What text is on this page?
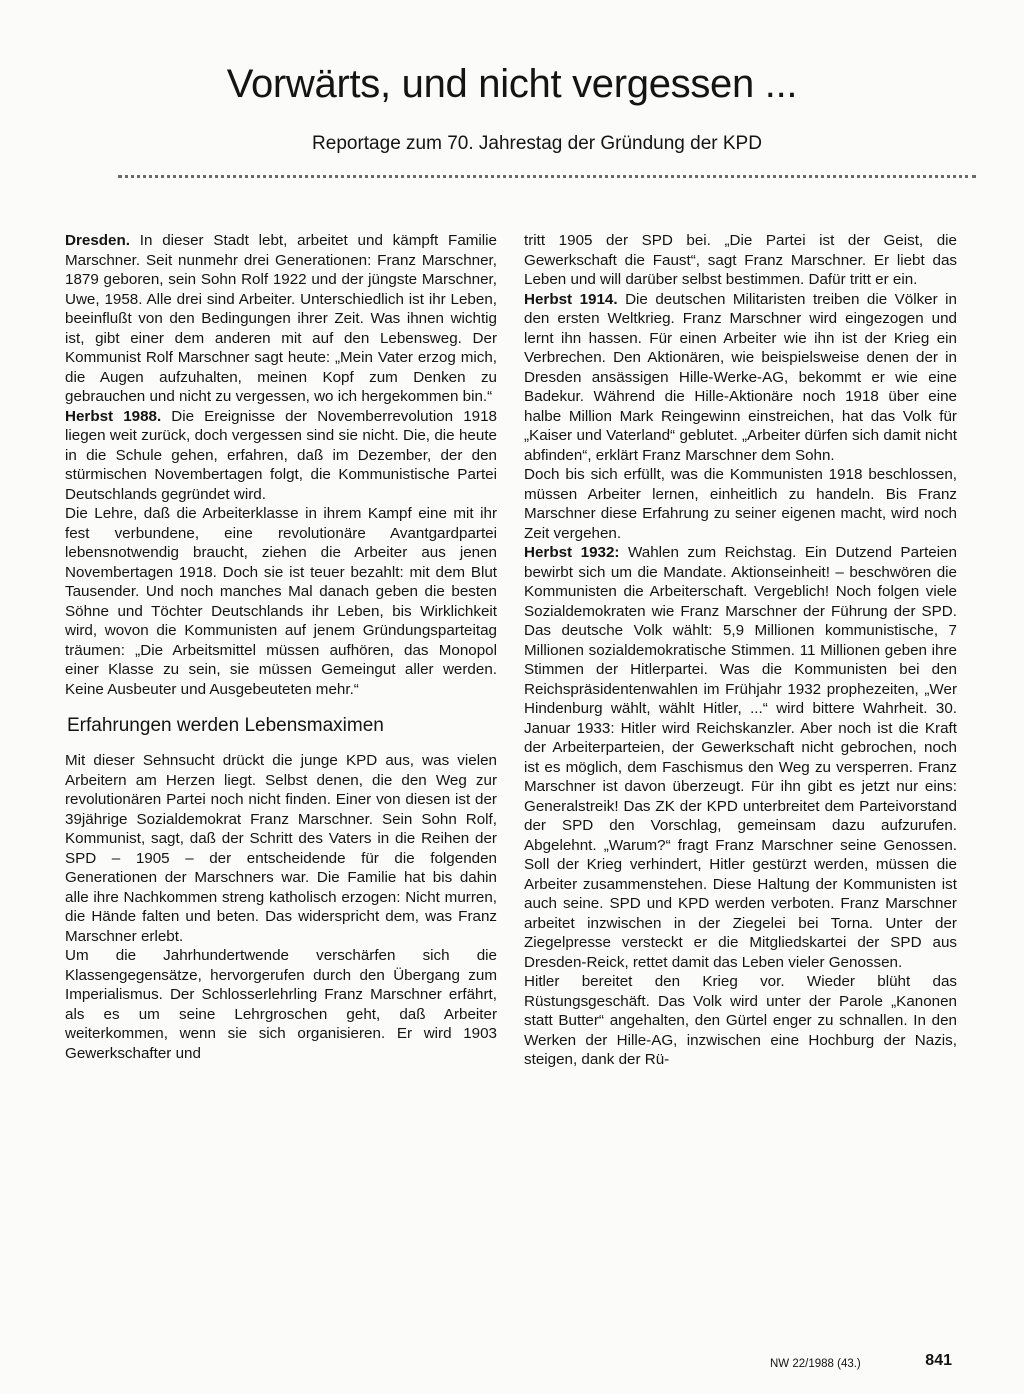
Vorwärts, und nicht vergessen ...

Reportage zum 70. Jahrestag der Gründung der KPD

Dresden. In dieser Stadt lebt, arbeitet und kämpft Familie Marschner. Seit nunmehr drei Generationen: Franz Marschner, 1879 geboren, sein Sohn Rolf 1922 und der jüngste Marschner, Uwe, 1958. Alle drei sind Arbeiter. Unterschiedlich ist ihr Leben, beeinflußt von den Bedingungen ihrer Zeit. Was ihnen wichtig ist, gibt einer dem anderen mit auf den Lebensweg. Der Kommunist Rolf Marschner sagt heute: „Mein Vater erzog mich, die Augen aufzuhalten, meinen Kopf zum Denken zu gebrauchen und nicht zu vergessen, wo ich hergekommen bin.“

Herbst 1988. Die Ereignisse der Novemberrevolution 1918 liegen weit zurück, doch vergessen sind sie nicht. Die, die heute in die Schule gehen, erfahren, daß im Dezember, der den stürmischen Novembertagen folgt, die Kommunistische Partei Deutschlands gegründet wird.

Die Lehre, daß die Arbeiterklasse in ihrem Kampf eine mit ihr fest verbundene, eine revolutionäre Avantgardpartei lebensnotwendig braucht, ziehen die Arbeiter aus jenen Novembertagen 1918. Doch sie ist teuer bezahlt: mit dem Blut Tausender. Und noch manches Mal danach geben die besten Söhne und Töchter Deutschlands ihr Leben, bis Wirklichkeit wird, wovon die Kommunisten auf jenem Gründungsparteitag träumen: „Die Arbeitsmittel müssen aufhören, das Monopol einer Klasse zu sein, sie müssen Gemeingut aller werden. Keine Ausbeuter und Ausgebeuteten mehr.“

Erfahrungen werden Lebensmaximen

Mit dieser Sehnsucht drückt die junge KPD aus, was vielen Arbeitern am Herzen liegt. Selbst denen, die den Weg zur revolutionären Partei noch nicht finden. Einer von diesen ist der 39jährige Sozialdemokrat Franz Marschner. Sein Sohn Rolf, Kommunist, sagt, daß der Schritt des Vaters in die Reihen der SPD – 1905 – der entscheidende für die folgenden Generationen der Marschners war. Die Familie hat bis dahin alle ihre Nachkommen streng katholisch erzogen: Nicht murren, die Hände falten und beten. Das widerspricht dem, was Franz Marschner erlebt.

Um die Jahrhundertwende verschärfen sich die Klassengegensätze, hervorgerufen durch den Übergang zum Imperialismus. Der Schlosserlehrling Franz Marschner erfährt, als es um seine Lehrgroschen geht, daß Arbeiter weiterkommen, wenn sie sich organisieren. Er wird 1903 Gewerkschafter und

tritt 1905 der SPD bei. „Die Partei ist der Geist, die Gewerkschaft die Faust“, sagt Franz Marschner. Er liebt das Leben und will darüber selbst bestimmen. Dafür tritt er ein.

Herbst 1914. Die deutschen Militaristen treiben die Völker in den ersten Weltkrieg. Franz Marschner wird eingezogen und lernt ihn hassen. Für einen Arbeiter wie ihn ist der Krieg ein Verbrechen. Den Aktionären, wie beispielsweise denen der in Dresden ansässigen Hille-Werke-AG, bekommt er wie eine Badekur. Während die Hille-Aktionäre noch 1918 über eine halbe Million Mark Reingewinn einstreichen, hat das Volk für „Kaiser und Vaterland“ geblutet. „Arbeiter dürfen sich damit nicht abfinden“, erklärt Franz Marschner dem Sohn.

Doch bis sich erfüllt, was die Kommunisten 1918 beschlossen, müssen Arbeiter lernen, einheitlich zu handeln. Bis Franz Marschner diese Erfahrung zu seiner eigenen macht, wird noch Zeit vergehen.

Herbst 1932: Wahlen zum Reichstag. Ein Dutzend Parteien bewirbt sich um die Mandate. Aktionseinheit! – beschwören die Kommunisten die Arbeiterschaft. Vergeblich! Noch folgen viele Sozialdemokraten wie Franz Marschner der Führung der SPD. Das deutsche Volk wählt: 5,9 Millionen kommunistische, 7 Millionen sozialdemokratische Stimmen. 11 Millionen geben ihre Stimmen der Hitlerpartei. Was die Kommunisten bei den Reichspräsidentenwahlen im Frühjahr 1932 prophezeiten, „Wer Hindenburg wählt, wählt Hitler, ...“ wird bittere Wahrheit. 30. Januar 1933: Hitler wird Reichskanzler. Aber noch ist die Kraft der Arbeiterparteien, der Gewerkschaft nicht gebrochen, noch ist es möglich, dem Faschismus den Weg zu versperren. Franz Marschner ist davon überzeugt. Für ihn gibt es jetzt nur eins: Generalstreik! Das ZK der KPD unterbreitet dem Parteivorstand der SPD den Vorschlag, gemeinsam dazu aufzurufen. Abgelehnt. „Warum?“ fragt Franz Marschner seine Genossen. Soll der Krieg verhindert, Hitler gestürzt werden, müssen die Arbeiter zusammenstehen. Diese Haltung der Kommunisten ist auch seine. SPD und KPD werden verboten. Franz Marschner arbeitet inzwischen in der Ziegelei bei Torna. Unter der Ziegelpresse versteckt er die Mitgliedskartei der SPD aus Dresden-Reick, rettet damit das Leben vieler Genossen.

Hitler bereitet den Krieg vor. Wieder blüht das Rüstungsgeschäft. Das Volk wird unter der Parole „Kanonen statt Butter“ angehalten, den Gürtel enger zu schnallen. In den Werken der Hille-AG, inzwischen eine Hochburg der Nazis, steigen, dank der Rü-

NW 22/1988 (43.)	841
